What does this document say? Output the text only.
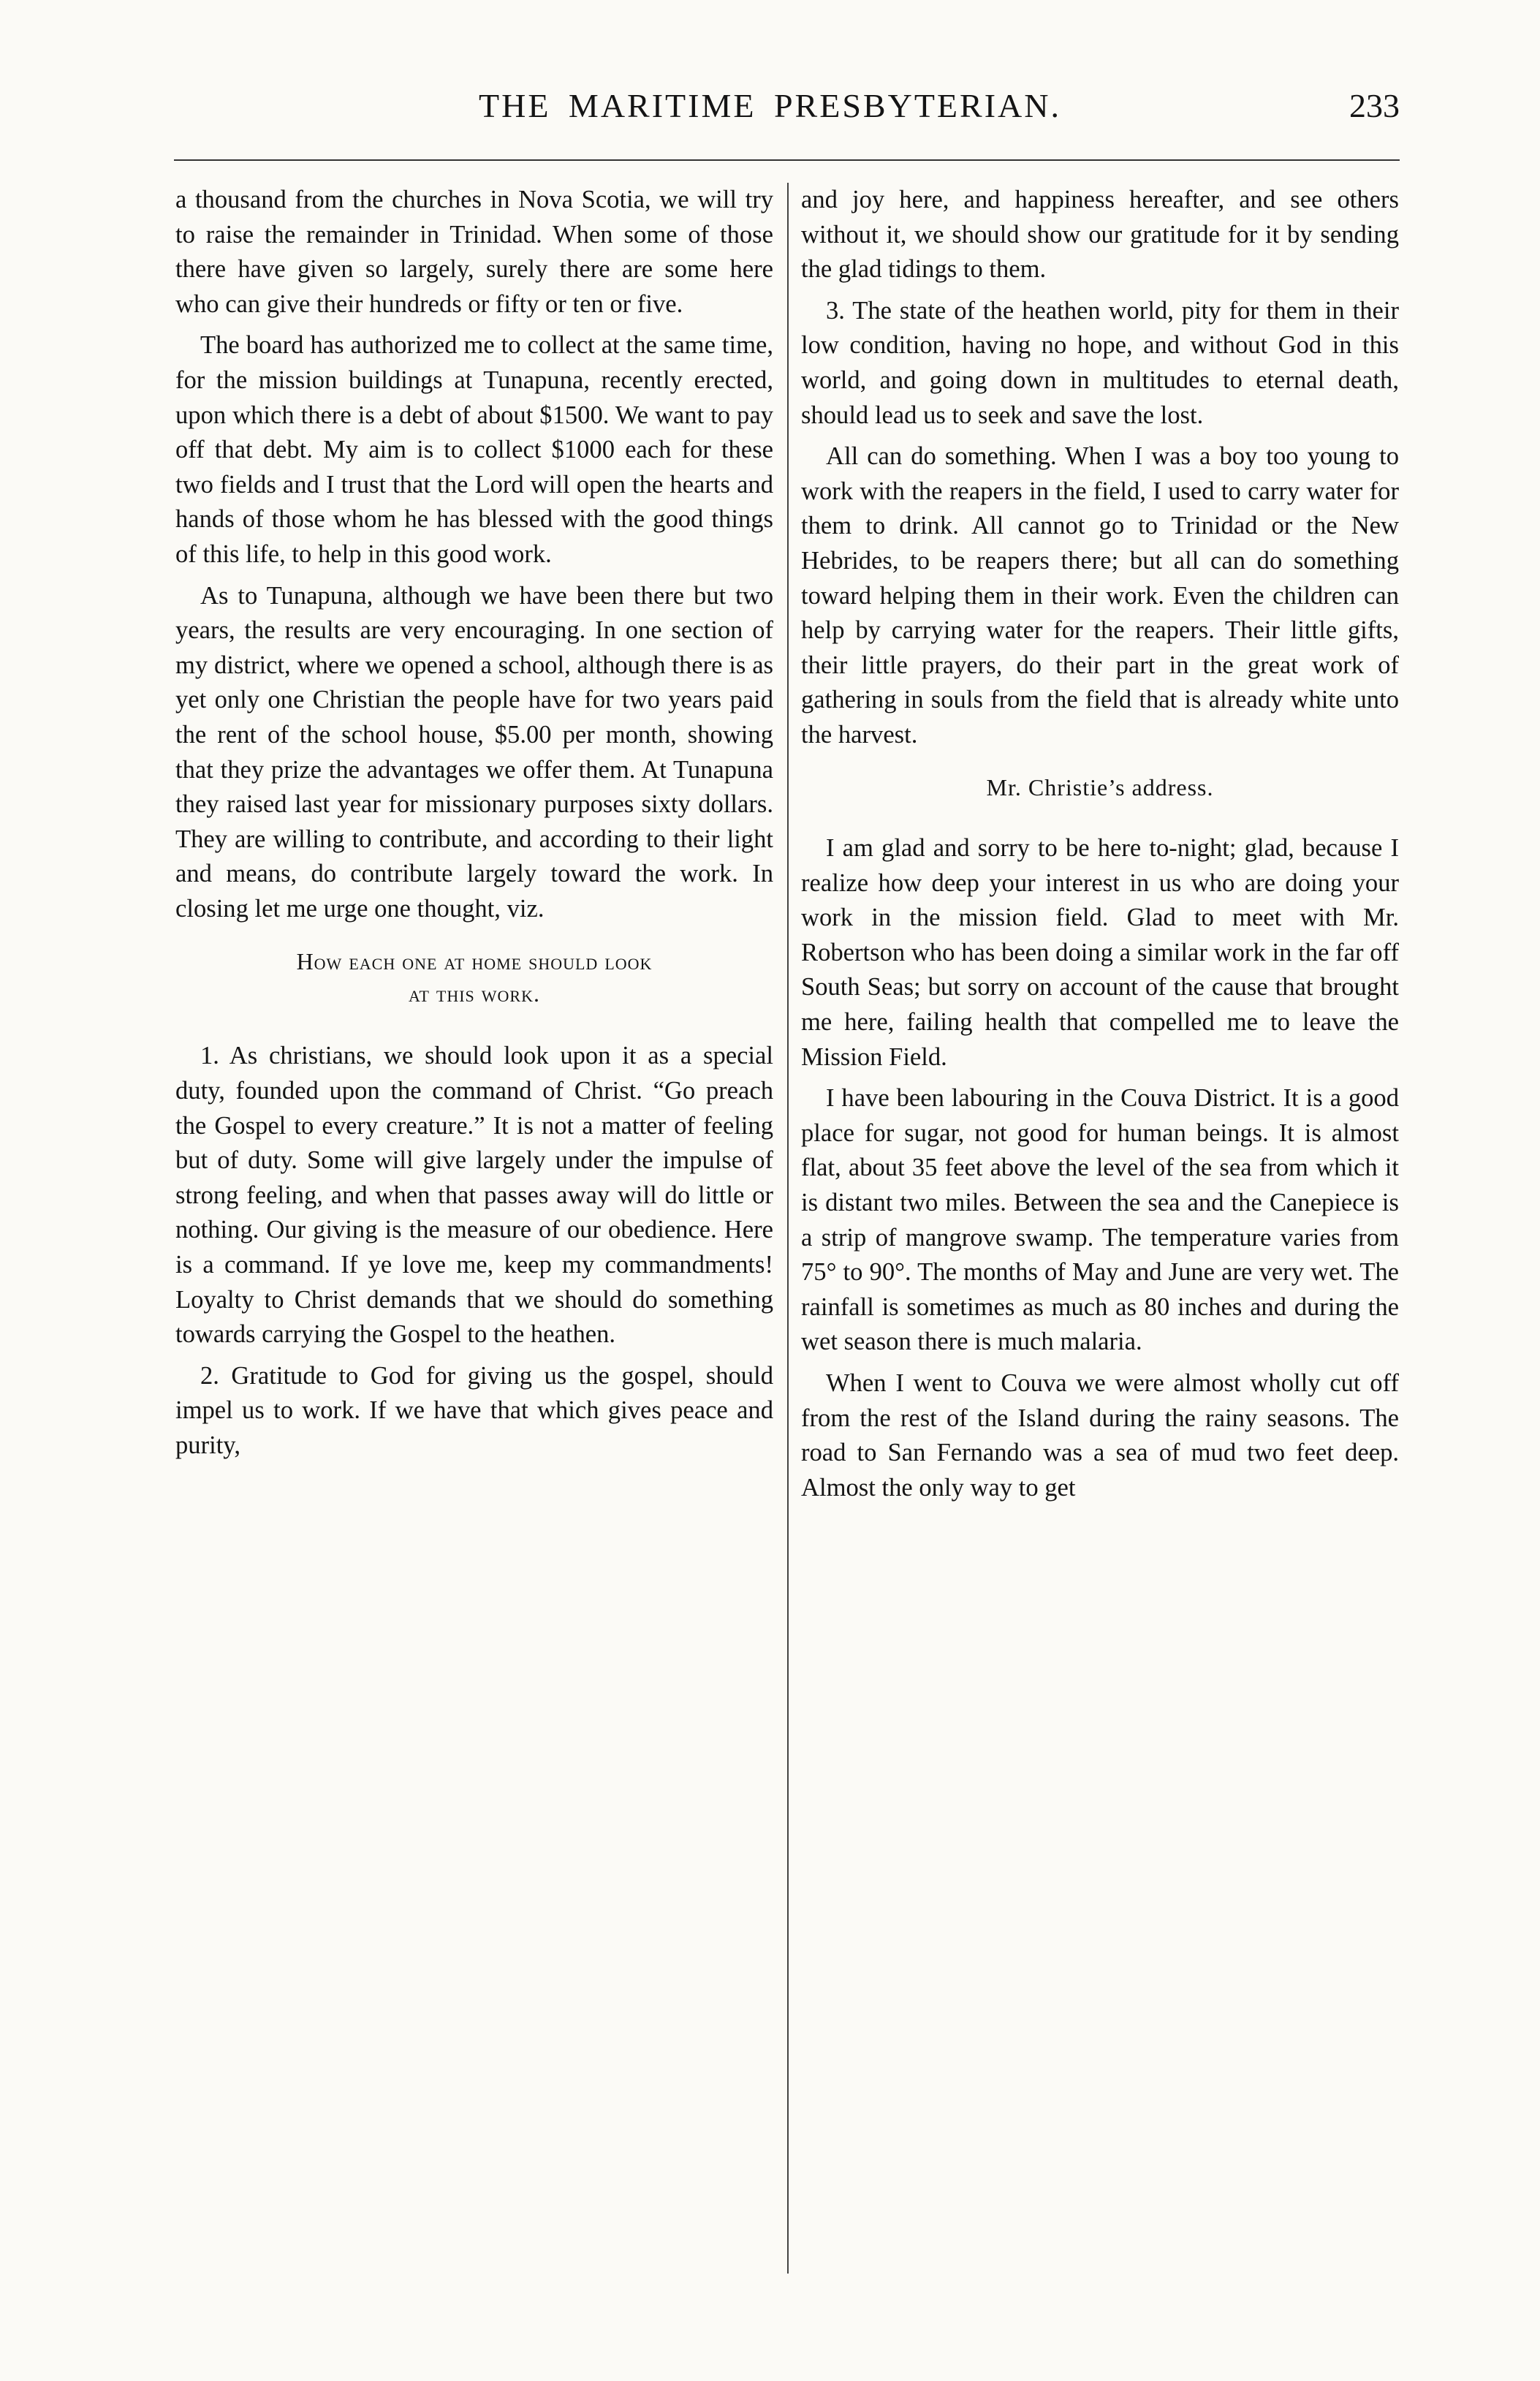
THE MARITIME PRESBYTERIAN.	233

a thousand from the churches in Nova Scotia, we will try to raise the remainder in Trinidad. When some of those there have given so largely, surely there are some here who can give their hundreds or fifty or ten or five.

The board has authorized me to collect at the same time, for the mission buildings at Tunapuna, recently erected, upon which there is a debt of about $1500. We want to pay off that debt. My aim is to collect $1000 each for these two fields and I trust that the Lord will open the hearts and hands of those whom he has blessed with the good things of this life, to help in this good work.

As to Tunapuna, although we have been there but two years, the results are very encouraging. In one section of my district, where we opened a school, although there is as yet only one Christian the people have for two years paid the rent of the school house, $5.00 per month, showing that they prize the advantages we offer them. At Tunapuna they raised last year for missionary purposes sixty dollars. They are willing to contribute, and according to their light and means, do contribute largely toward the work. In closing let me urge one thought, viz.

How each one at home should look
at this work.

1. As christians, we should look upon it as a special duty, founded upon the command of Christ. “Go preach the Gospel to every creature.” It is not a matter of feeling but of duty. Some will give largely under the impulse of strong feeling, and when that passes away will do little or nothing. Our giving is the measure of our obedience. Here is a command. If ye love me, keep my commandments! Loyalty to Christ demands that we should do something towards carrying the Gospel to the heathen.

2. Gratitude to God for giving us the gospel, should impel us to work. If we have that which gives peace and purity,

and joy here, and happiness hereafter, and see others without it, we should show our gratitude for it by sending the glad tidings to them.

3. The state of the heathen world, pity for them in their low condition, having no hope, and without God in this world, and going down in multitudes to eternal death, should lead us to seek and save the lost.

All can do something. When I was a boy too young to work with the reapers in the field, I used to carry water for them to drink. All cannot go to Trinidad or the New Hebrides, to be reapers there; but all can do something toward helping them in their work. Even the children can help by carrying water for the reapers. Their little gifts, their little prayers, do their part in the great work of gathering in souls from the field that is already white unto the harvest.

Mr. Christie’s address.

I am glad and sorry to be here to-night; glad, because I realize how deep your interest in us who are doing your work in the mission field. Glad to meet with Mr. Robertson who has been doing a similar work in the far off South Seas; but sorry on account of the cause that brought me here, failing health that compelled me to leave the Mission Field.

I have been labouring in the Couva District. It is a good place for sugar, not good for human beings. It is almost flat, about 35 feet above the level of the sea from which it is distant two miles. Between the sea and the Canepiece is a strip of mangrove swamp. The temperature varies from 75° to 90°. The months of May and June are very wet. The rainfall is sometimes as much as 80 inches and during the wet season there is much malaria.

When I went to Couva we were almost wholly cut off from the rest of the Island during the rainy seasons. The road to San Fernando was a sea of mud two feet deep. Almost the only way to get
